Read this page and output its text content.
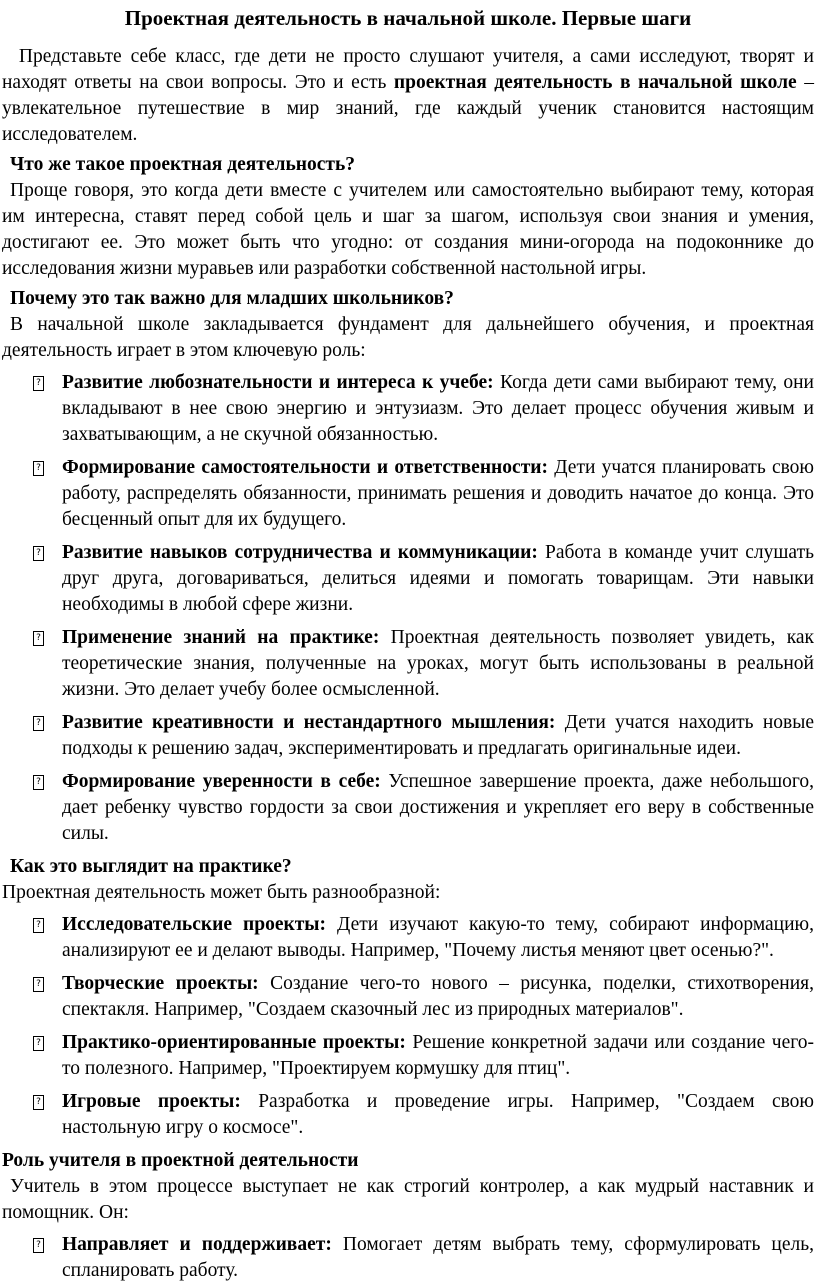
Проектная деятельность в начальной школе. Первые шаги

Представьте себе класс, где дети не просто слушают учителя, а сами исследуют, творят и находят ответы на свои вопросы. Это и есть проектная деятельность в начальной школе – увлекательное путешествие в мир знаний, где каждый ученик становится настоящим исследователем.

Что же такое проектная деятельность?

Проще говоря, это когда дети вместе с учителем или самостоятельно выбирают тему, которая им интересна, ставят перед собой цель и шаг за шагом, используя свои знания и умения, достигают ее. Это может быть что угодно: от создания мини-огорода на подоконнике до исследования жизни муравьев или разработки собственной настольной игры.

Почему это так важно для младших школьников?

В начальной школе закладывается фундамент для дальнейшего обучения, и проектная деятельность играет в этом ключевую роль:

? Развитие любознательности и интереса к учебе: Когда дети сами выбирают тему, они вкладывают в нее свою энергию и энтузиазм. Это делает процесс обучения живым и захватывающим, а не скучной обязанностью.
? Формирование самостоятельности и ответственности: Дети учатся планировать свою работу, распределять обязанности, принимать решения и доводить начатое до конца. Это бесценный опыт для их будущего.
? Развитие навыков сотрудничества и коммуникации: Работа в команде учит слушать друг друга, договариваться, делиться идеями и помогать товарищам. Эти навыки необходимы в любой сфере жизни.
? Применение знаний на практике: Проектная деятельность позволяет увидеть, как теоретические знания, полученные на уроках, могут быть использованы в реальной жизни. Это делает учебу более осмысленной.
? Развитие креативности и нестандартного мышления: Дети учатся находить новые подходы к решению задач, экспериментировать и предлагать оригинальные идеи.
? Формирование уверенности в себе: Успешное завершение проекта, даже небольшого, дает ребенку чувство гордости за свои достижения и укрепляет его веру в собственные силы.
Как это выглядит на практике?

Проектная деятельность может быть разнообразной:

? Исследовательские проекты: Дети изучают какую-то тему, собирают информацию, анализируют ее и делают выводы. Например, "Почему листья меняют цвет осенью?".
? Творческие проекты: Создание чего-то нового – рисунка, поделки, стихотворения, спектакля. Например, "Создаем сказочный лес из природных материалов".
? Практико-ориентированные проекты: Решение конкретной задачи или создание чего-то полезного. Например, "Проектируем кормушку для птиц".
? Игровые проекты: Разработка и проведение игры. Например, "Создаем свою настольную игру о космосе".
Роль учителя в проектной деятельности

Учитель в этом процессе выступает не как строгий контролер, а как мудрый наставник и помощник. Он:

? Направляет и поддерживает: Помогает детям выбрать тему, сформулировать цель, спланировать работу.
